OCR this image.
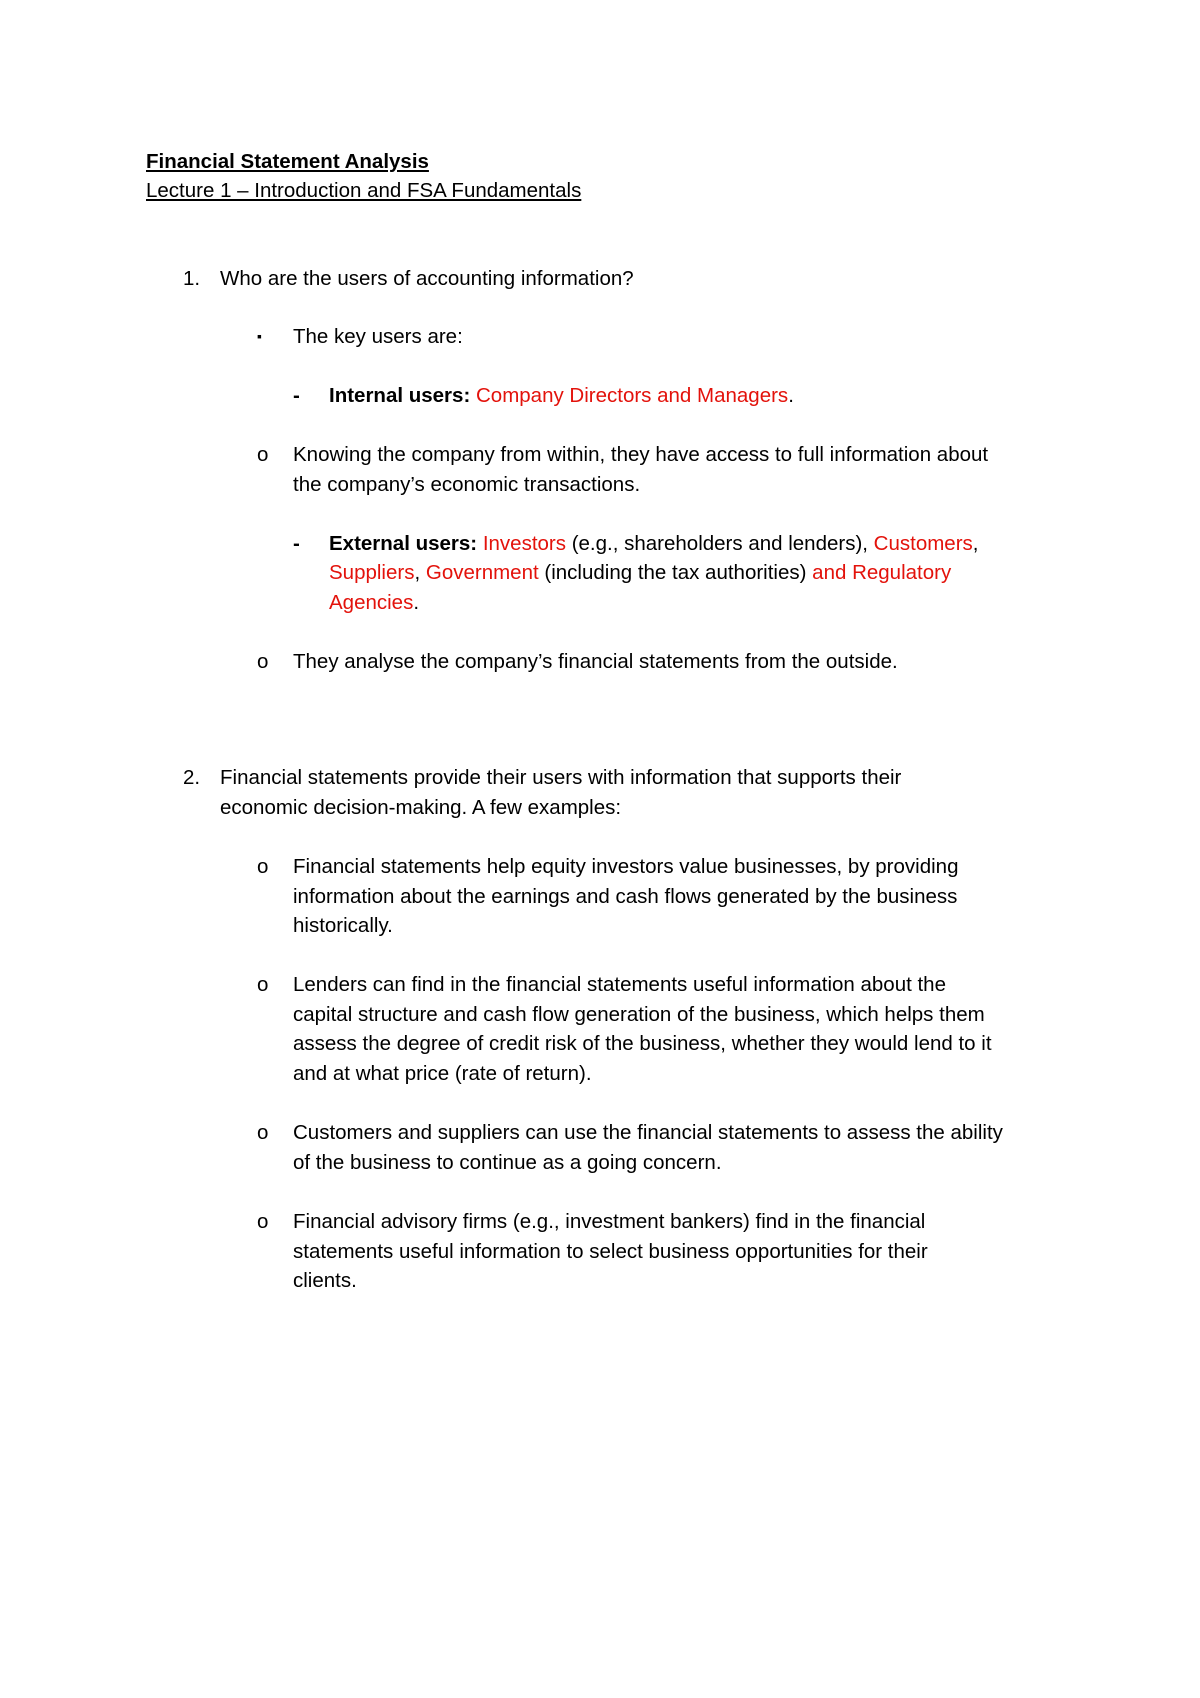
Financial Statement Analysis
Lecture 1 – Introduction and FSA Fundamentals
1. Who are the users of accounting information?
▪	The key users are:
-	Internal users: Company Directors and Managers.
o	Knowing the company from within, they have access to full information about
the company’s economic transactions.
-	External users: Investors (e.g., shareholders and lenders), Customers,
Suppliers, Government (including the tax authorities) and Regulatory
Agencies.
o	They analyse the company’s financial statements from the outside.
2. Financial statements provide their users with information that supports their
economic decision-making. A few examples:
o	Financial statements help equity investors value businesses, by providing
information about the earnings and cash flows generated by the business
historically.
o	Lenders can find in the financial statements useful information about the
capital structure and cash flow generation of the business, which helps them
assess the degree of credit risk of the business, whether they would lend to it
and at what price (rate of return).
o	Customers and suppliers can use the financial statements to assess the ability
of the business to continue as a going concern.
o	Financial advisory firms (e.g., investment bankers) find in the financial
statements useful information to select business opportunities for their
clients.
